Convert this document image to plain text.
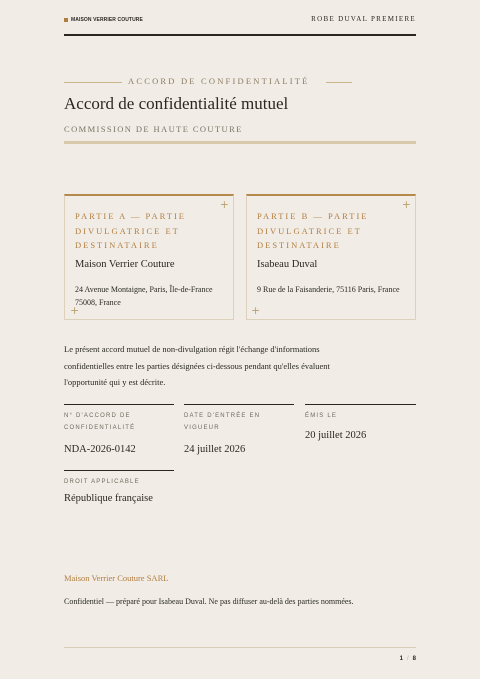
MAISON VERRIER COUTURE	ROBE DUVAL PREMIERE
ACCORD DE CONFIDENTIALITÉ
Accord de confidentialité mutuel
COMMISSION DE HAUTE COUTURE
+
PARTIE A — PARTIE DIVULGATRICE ET DESTINATAIRE
Maison Verrier Couture
24 Avenue Montaigne, Paris, Île-de-France 75008, France
+
+
PARTIE B — PARTIE DIVULGATRICE ET DESTINATAIRE
Isabeau Duval
9 Rue de la Faisanderie, 75116 Paris, France
+

Le présent accord mutuel de non-divulgation régit l'échange d'informations confidentielles entre les parties désignées ci-dessous pendant qu'elles évaluent l'opportunité qui y est décrite.

N° D'ACCORD DE CONFIDENTIALITÉ
NDA-2026-0142
DATE D'ENTRÉE EN VIGUEUR
24 juillet 2026
ÉMIS LE
20 juillet 2026
DROIT APPLICABLE
République française
Maison Verrier Couture SARL

Confidentiel — préparé pour Isabeau Duval. Ne pas diffuser au-delà des parties nommées.

1 / 8
